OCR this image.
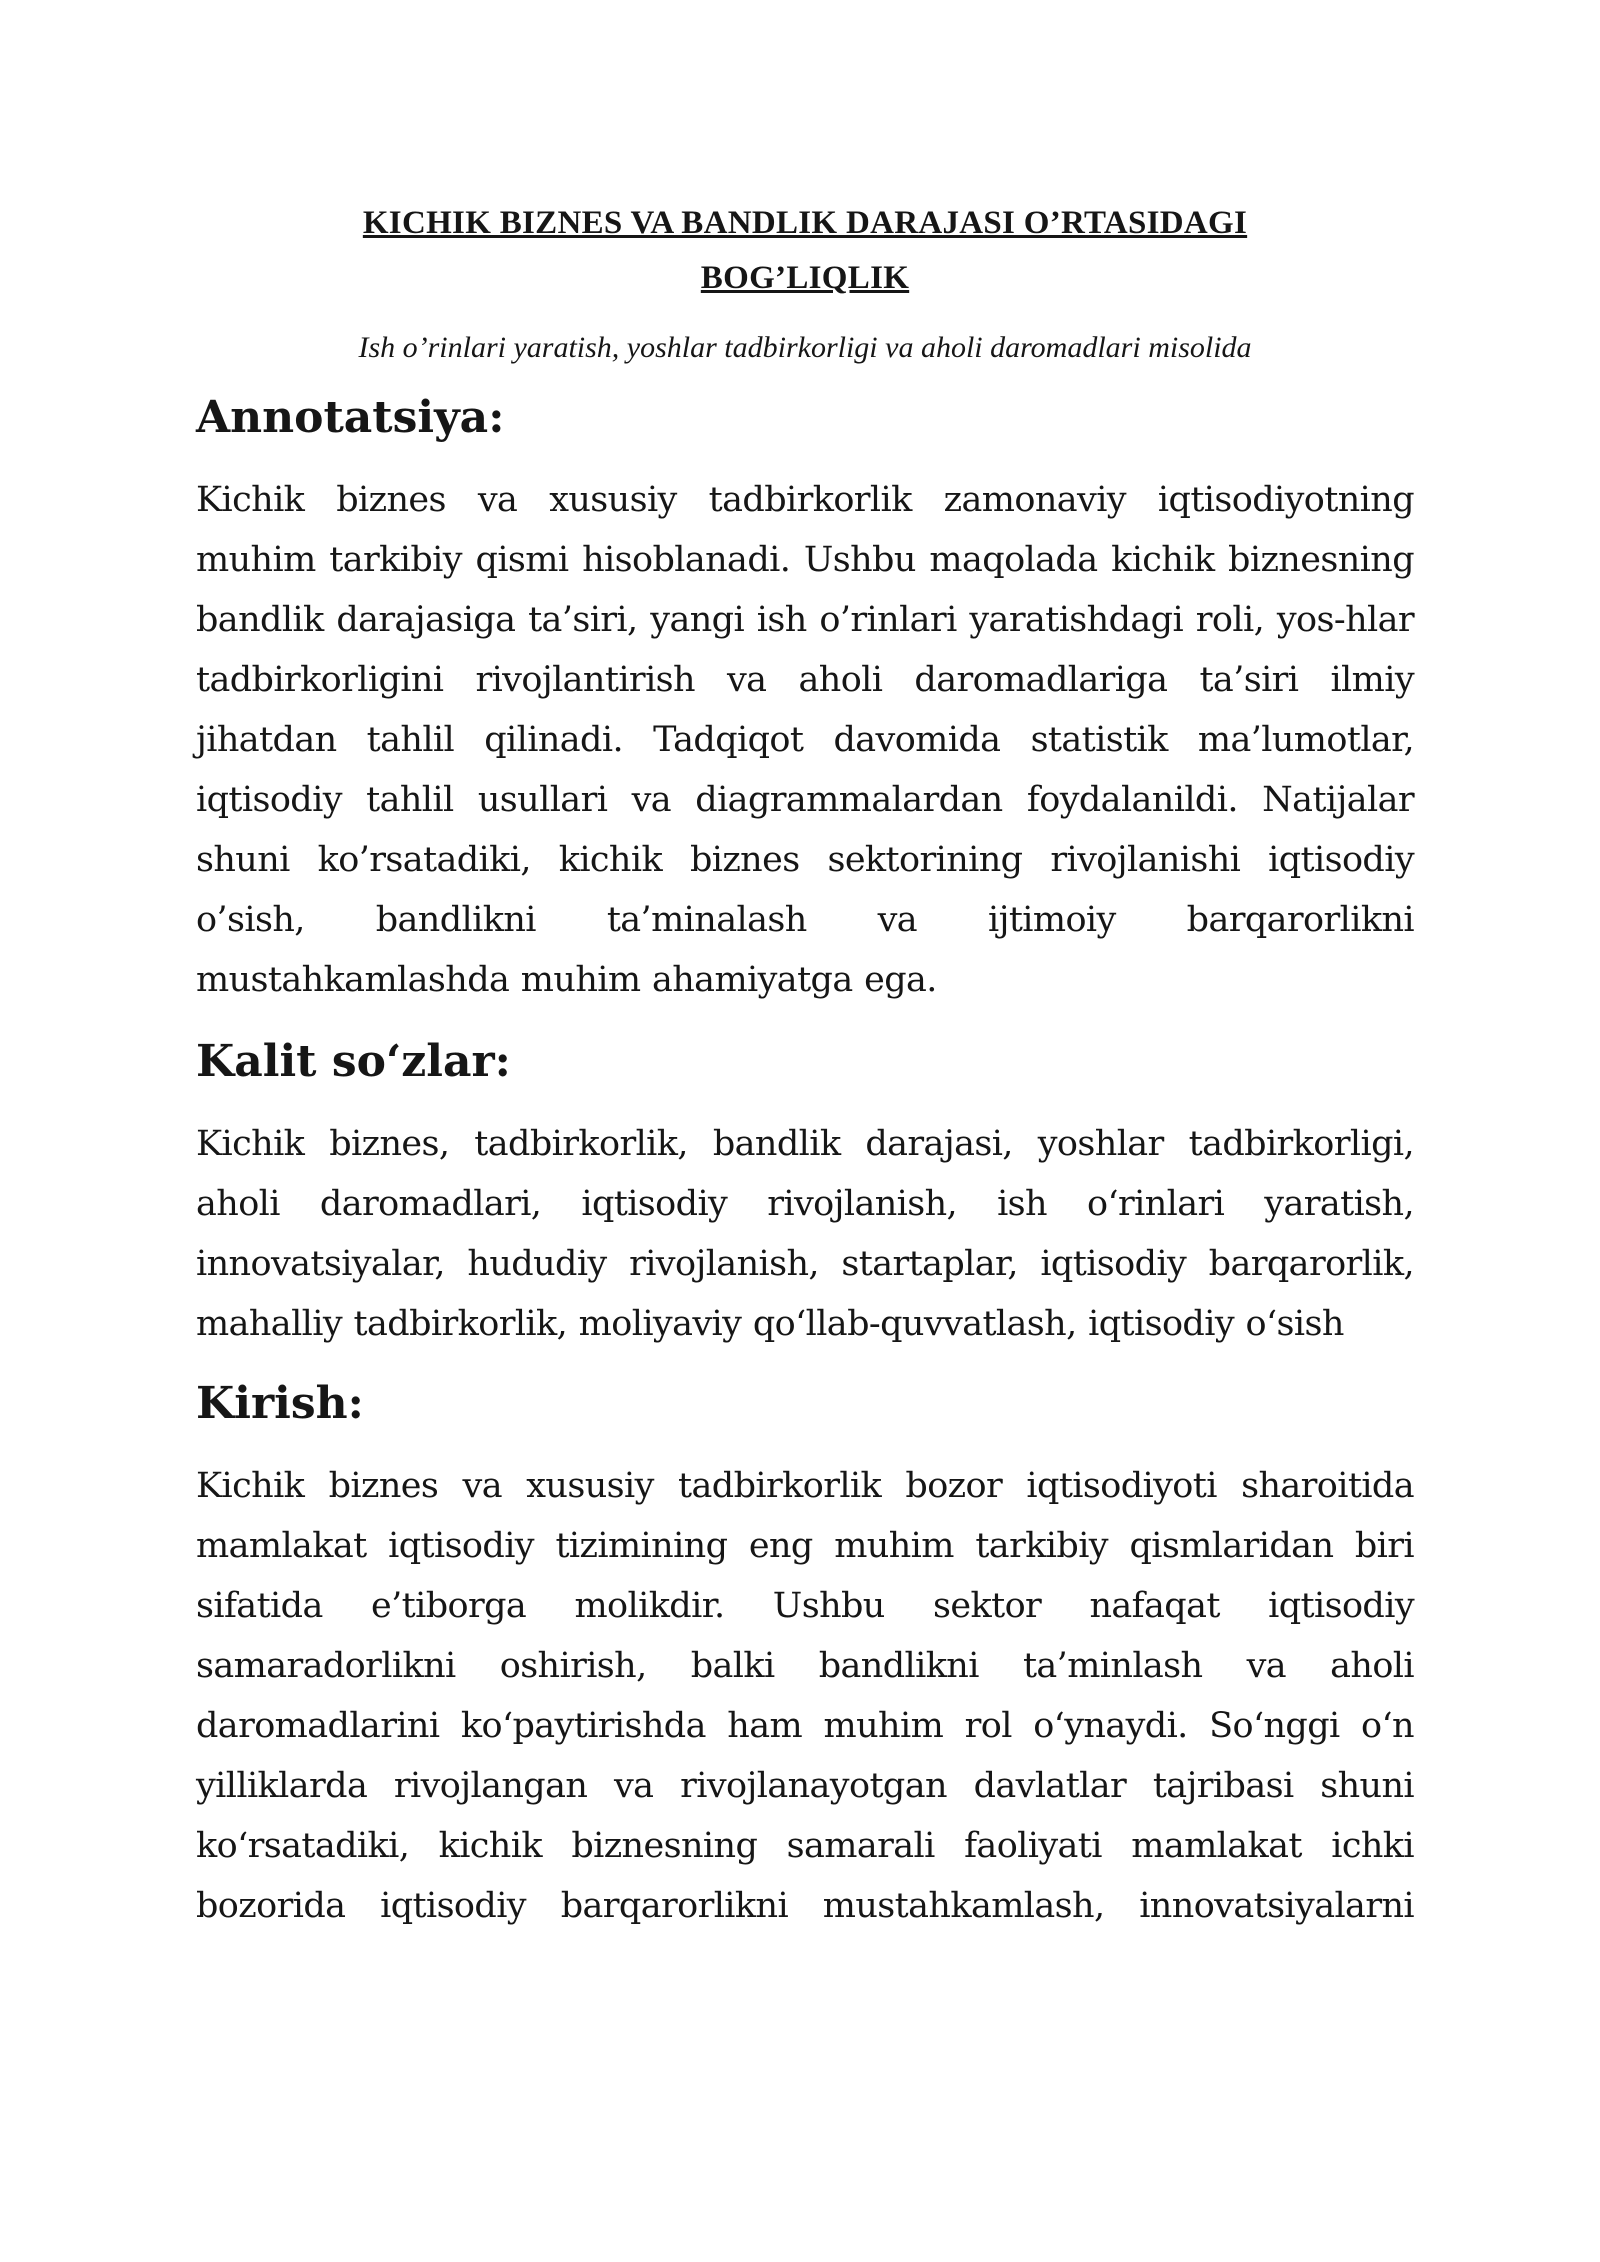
KICHIK BIZNES VA BANDLIK DARAJASI O’RTASIDAGI
BOG’LIQLIK

Ish o’rinlari yaratish, yoshlar tadbirkorligi va aholi daromadlari misolida

Annotatsiya:

Kichik biznes va xususiy tadbirkorlik zamonaviy iqtisodiyotning muhim tarkibiy qismi hisoblanadi. Ushbu maqolada kichik biznesning bandlik darajasiga ta’siri, yangi ish o’rinlari yaratishdagi roli, yos-hlar tadbirkorligini rivojlantirish va aholi daromadlariga ta’siri ilmiy jihatdan tahlil qilinadi. Tadqiqot davomida statistik ma’lumotlar, iqtisodiy tahlil usullari va diagrammalardan foydalanildi. Natijalar shuni ko’rsatadiki, kichik biznes sektorining rivojlanishi iqtisodiy o’sish, bandlikni ta’minalash va ijtimoiy barqarorlikni mustahkamlashda muhim ahamiyatga ega.

Kalit so‘zlar:

Kichik biznes, tadbirkorlik, bandlik darajasi, yoshlar tadbirkorligi, aholi daromadlari, iqtisodiy rivojlanish, ish o‘rinlari yaratish, innovatsiyalar, hududiy rivojlanish, startaplar, iqtisodiy barqarorlik, mahalliy tadbirkorlik, moliyaviy qo‘llab-quvvatlash, iqtisodiy o‘sish

Kirish:

Kichik biznes va xususiy tadbirkorlik bozor iqtisodiyoti sharoitida mamlakat iqtisodiy tizimining eng muhim tarkibiy qismlaridan biri sifatida e’tiborga molikdir. Ushbu sektor nafaqat iqtisodiy samaradorlikni oshirish, balki bandlikni ta’minlash va aholi daromadlarini ko‘paytirishda ham muhim rol o‘ynaydi. So‘nggi o‘n yilliklarda rivojlangan va rivojlanayotgan davlatlar tajribasi shuni ko‘rsatadiki, kichik biznesning samarali faoliyati mamlakat ichki bozorida iqtisodiy barqarorlikni mustahkamlash, innovatsiyalarni
